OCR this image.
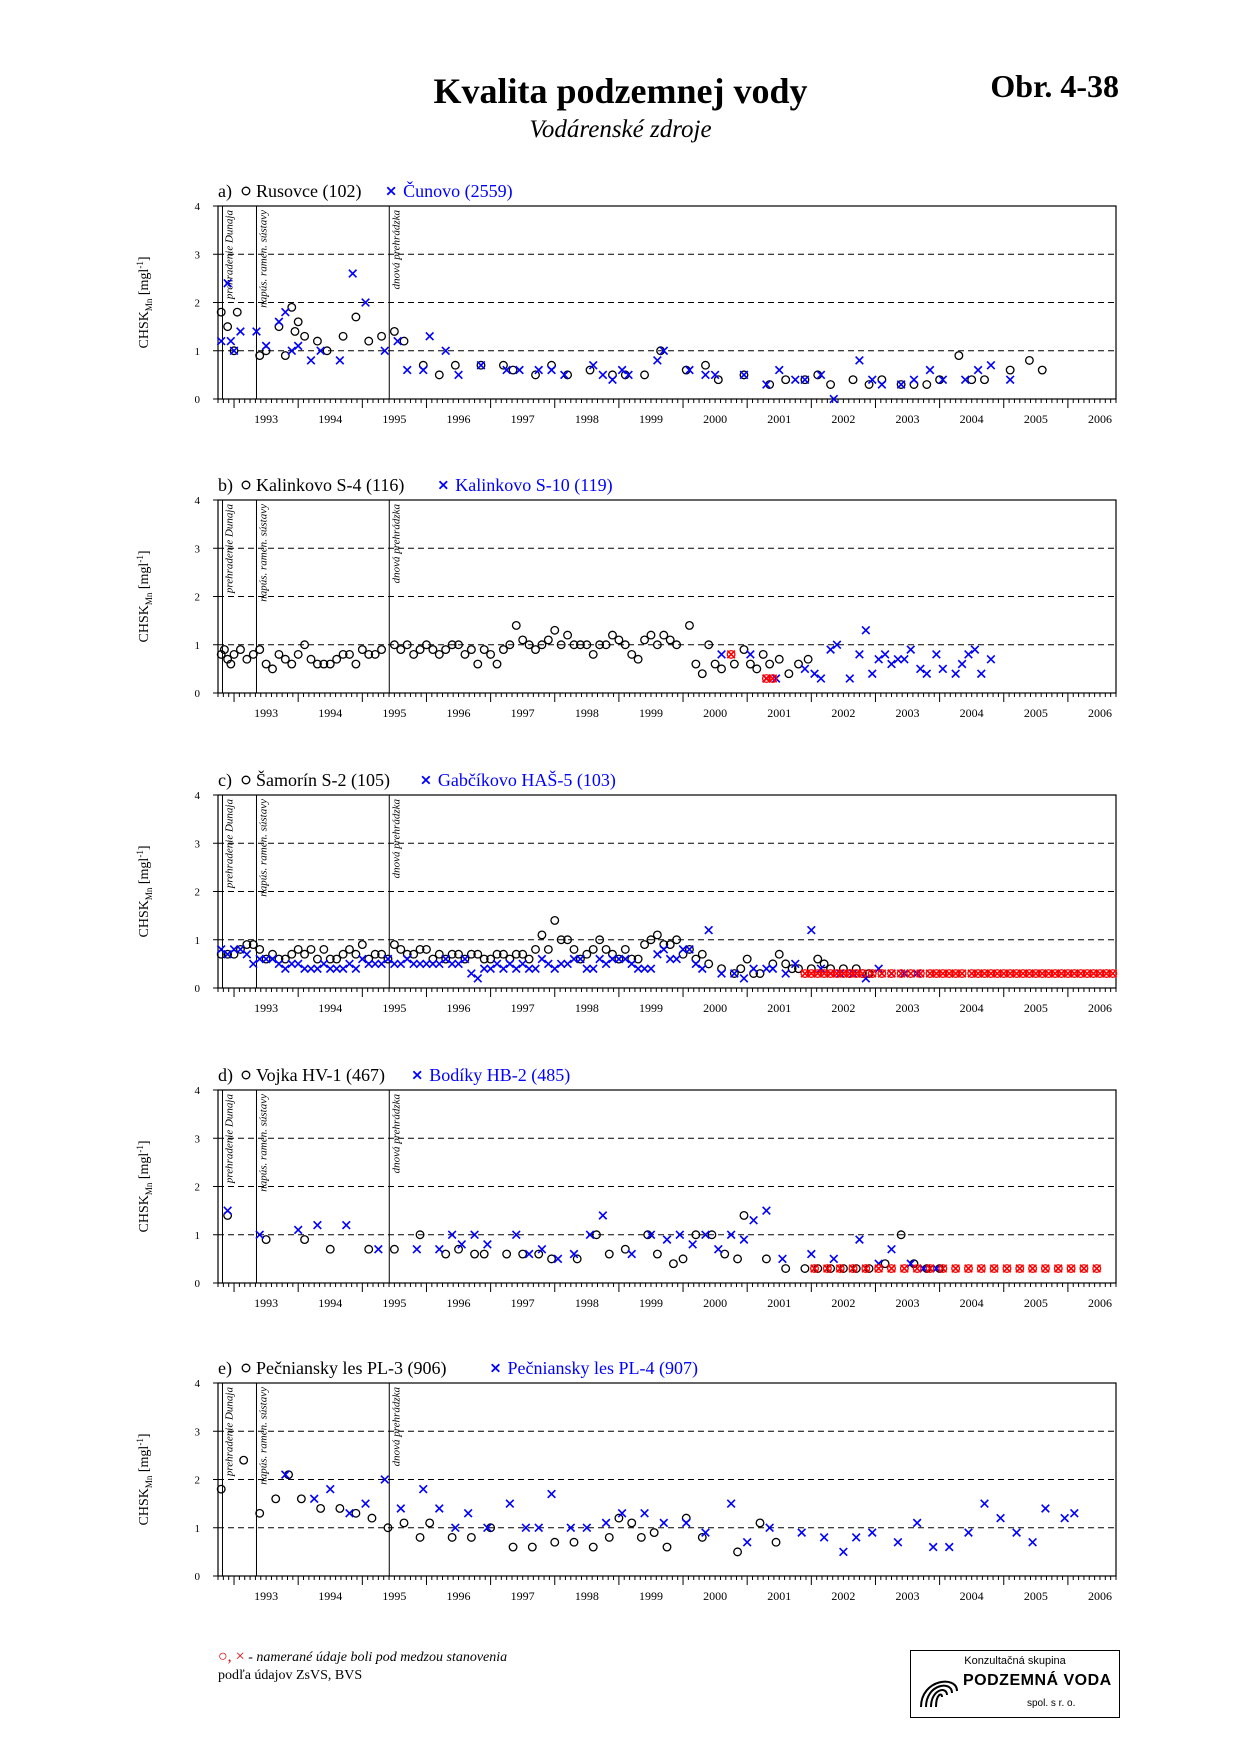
Kvalita podzemnej vody
Vodárenské zdroje
Obr. 4-38
0
1
2
3
4
1993	1994	1995	1996	1997	1998	1999	2000	2001	2002	2003	2004	2005	2006
$CHSK_{Mn}$ [mgl$^{-1}$]	prehradenie Dunaja napús. ramen. sústavy	dnová prehrádzka
a) Rusovce (102) Čunovo (2559)
0
1
2
3
4
1993	1994	1995	1996	1997	1998	1999	2000	2001	2002	2003	2004	2005	2006
$CHSK_{Mn}$ [mgl$^{-1}$]	prehradenie Dunaja napús. ramen. sústavy	dnová prehrádzka
b) Kalinkovo S-4 (116)	Kalinkovo S-10 (119)
0
1
2
3
4
1993	1994	1995	1996	1997	1998	1999	2000	2001	2002	2003	2004	2005	2006
$CHSK_{Mn}$ [mgl$^{-1}$]	prehradenie Dunaja napús. ramen. sústavy	dnová prehrádzka
c) Šamorín S-2 (105)	Gabčíkovo HAŠ-5 (103)
0
1
2
3
4
1993	1994	1995	1996	1997	1998	1999	2000	2001	2002	2003	2004	2005	2006
$CHSK_{Mn}$ [mgl$^{-1}$]	prehradenie Dunaja napús. ramen. sústavy	dnová prehrádzka
d) Vojka HV-1 (467) Bodíky HB-2 (485)
0
1
2
3
4
1993	1994	1995	1996	1997	1998	1999	2000	2001	2002	2003	2004	2005	2006
$CHSK_{Mn}$ [mgl$^{-1}$]	prehradenie Dunaja napús. ramen. sústavy	dnová prehrádzka
e) Pečniansky les PL-3 (906)	Pečniansky les PL-4 (907)
○, × - namerané údaje boli pod medzou stanovenia
podľa údajov ZsVS, BVS
Konzultačná skupina
PODZEMNÁ VODA
spol. s r. o.
